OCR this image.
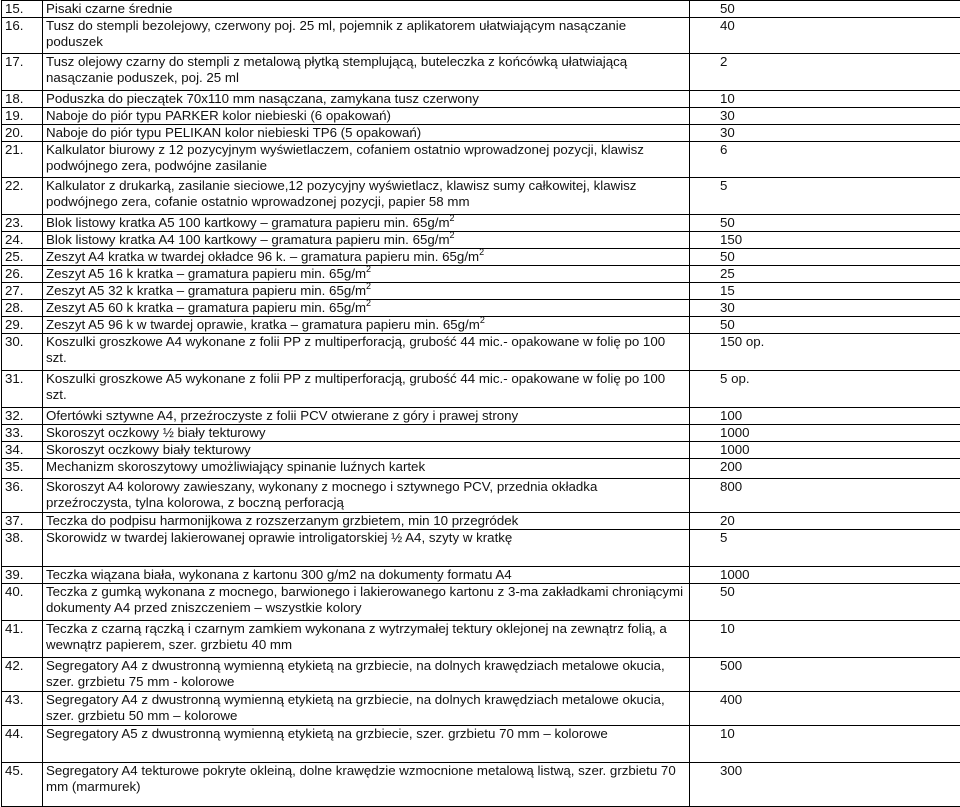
15.	Pisaki czarne średnie	50
16.	Tusz do stempli bezolejowy, czerwony poj. 25 ml, pojemnik z aplikatorem ułatwiającym nasączanie poduszek	40
17.	Tusz olejowy czarny do stempli z metalową płytką stemplującą, buteleczka z końcówką ułatwiającą nasączanie poduszek, poj. 25 ml	2
18.	Poduszka do pieczątek 70x110 mm nasączana, zamykana tusz czerwony	10
19.	Naboje do piór typu PARKER kolor niebieski (6 opakowań)	30
20.	Naboje do piór typu PELIKAN kolor niebieski TP6 (5 opakowań)	30
21.	Kalkulator biurowy z 12 pozycyjnym wyświetlaczem, cofaniem ostatnio wprowadzonej pozycji, klawisz podwójnego zera, podwójne zasilanie	6
22.	Kalkulator z drukarką, zasilanie sieciowe,12 pozycyjny wyświetlacz, klawisz sumy całkowitej, klawisz podwójnego zera, cofanie ostatnio wprowadzonej pozycji, papier 58 mm	5
23.	Blok listowy kratka A5 100 kartkowy – gramatura papieru min. $65g/m^2$	50
24.	Blok listowy kratka A4 100 kartkowy – gramatura papieru min. $65g/m^2$	150
25.	Zeszyt A4 kratka w twardej okładce 96 k. – gramatura papieru min. $65g/m^2$	50
26.	Zeszyt A5 16 k kratka – gramatura papieru min. $65g/m^2$	25
27.	Zeszyt A5 32 k kratka – gramatura papieru min. $65g/m^2$	15
28.	Zeszyt A5 60 k kratka – gramatura papieru min. $65g/m^2$	30
29.	Zeszyt A5 96 k w twardej oprawie, kratka – gramatura papieru min. $65g/m^2$	50
30.	Koszulki groszkowe A4 wykonane z folii PP z multiperforacją, grubość 44 mic.- opakowane w folię po 100 szt.	150 op.
31.	Koszulki groszkowe A5 wykonane z folii PP z multiperforacją, grubość 44 mic.- opakowane w folię po 100 szt.	5 op.
32.	Ofertówki sztywne A4, przeźroczyste z folii PCV otwierane z góry i prawej strony	100
33.	Skoroszyt oczkowy ½ biały tekturowy	1000
34.	Skoroszyt oczkowy biały tekturowy	1000
35.	Mechanizm skoroszytowy umożliwiający spinanie luźnych kartek	200
36.	Skoroszyt A4 kolorowy zawieszany, wykonany z mocnego i sztywnego PCV, przednia okładka przeźroczysta, tylna kolorowa, z boczną perforacją	800
37.	Teczka do podpisu harmonijkowa z rozszerzanym grzbietem, min 10 przegródek	20
38.	Skorowidz w twardej lakierowanej oprawie introligatorskiej ½ A4, szyty w kratkę	5
39.	Teczka wiązana biała, wykonana z kartonu 300 g/m2 na dokumenty formatu A4	1000
40.	Teczka z gumką wykonana z mocnego, barwionego i lakierowanego kartonu z 3-ma zakładkami chroniącymi dokumenty A4 przed zniszczeniem – wszystkie kolory	50
41.	Teczka z czarną rączką i czarnym zamkiem wykonana z wytrzymałej tektury oklejonej na zewnątrz folią, a wewnątrz papierem, szer. grzbietu 40 mm	10
42.	Segregatory A4 z dwustronną wymienną etykietą na grzbiecie, na dolnych krawędziach metalowe okucia, szer. grzbietu 75 mm - kolorowe	500
43.	Segregatory A4 z dwustronną wymienną etykietą na grzbiecie, na dolnych krawędziach metalowe okucia, szer. grzbietu 50 mm – kolorowe	400
44.	Segregatory A5 z dwustronną wymienną etykietą na grzbiecie, szer. grzbietu 70 mm – kolorowe	10
45.	Segregatory A4 tekturowe pokryte okleiną, dolne krawędzie wzmocnione metalową listwą, szer. grzbietu 70 mm (marmurek)	300
